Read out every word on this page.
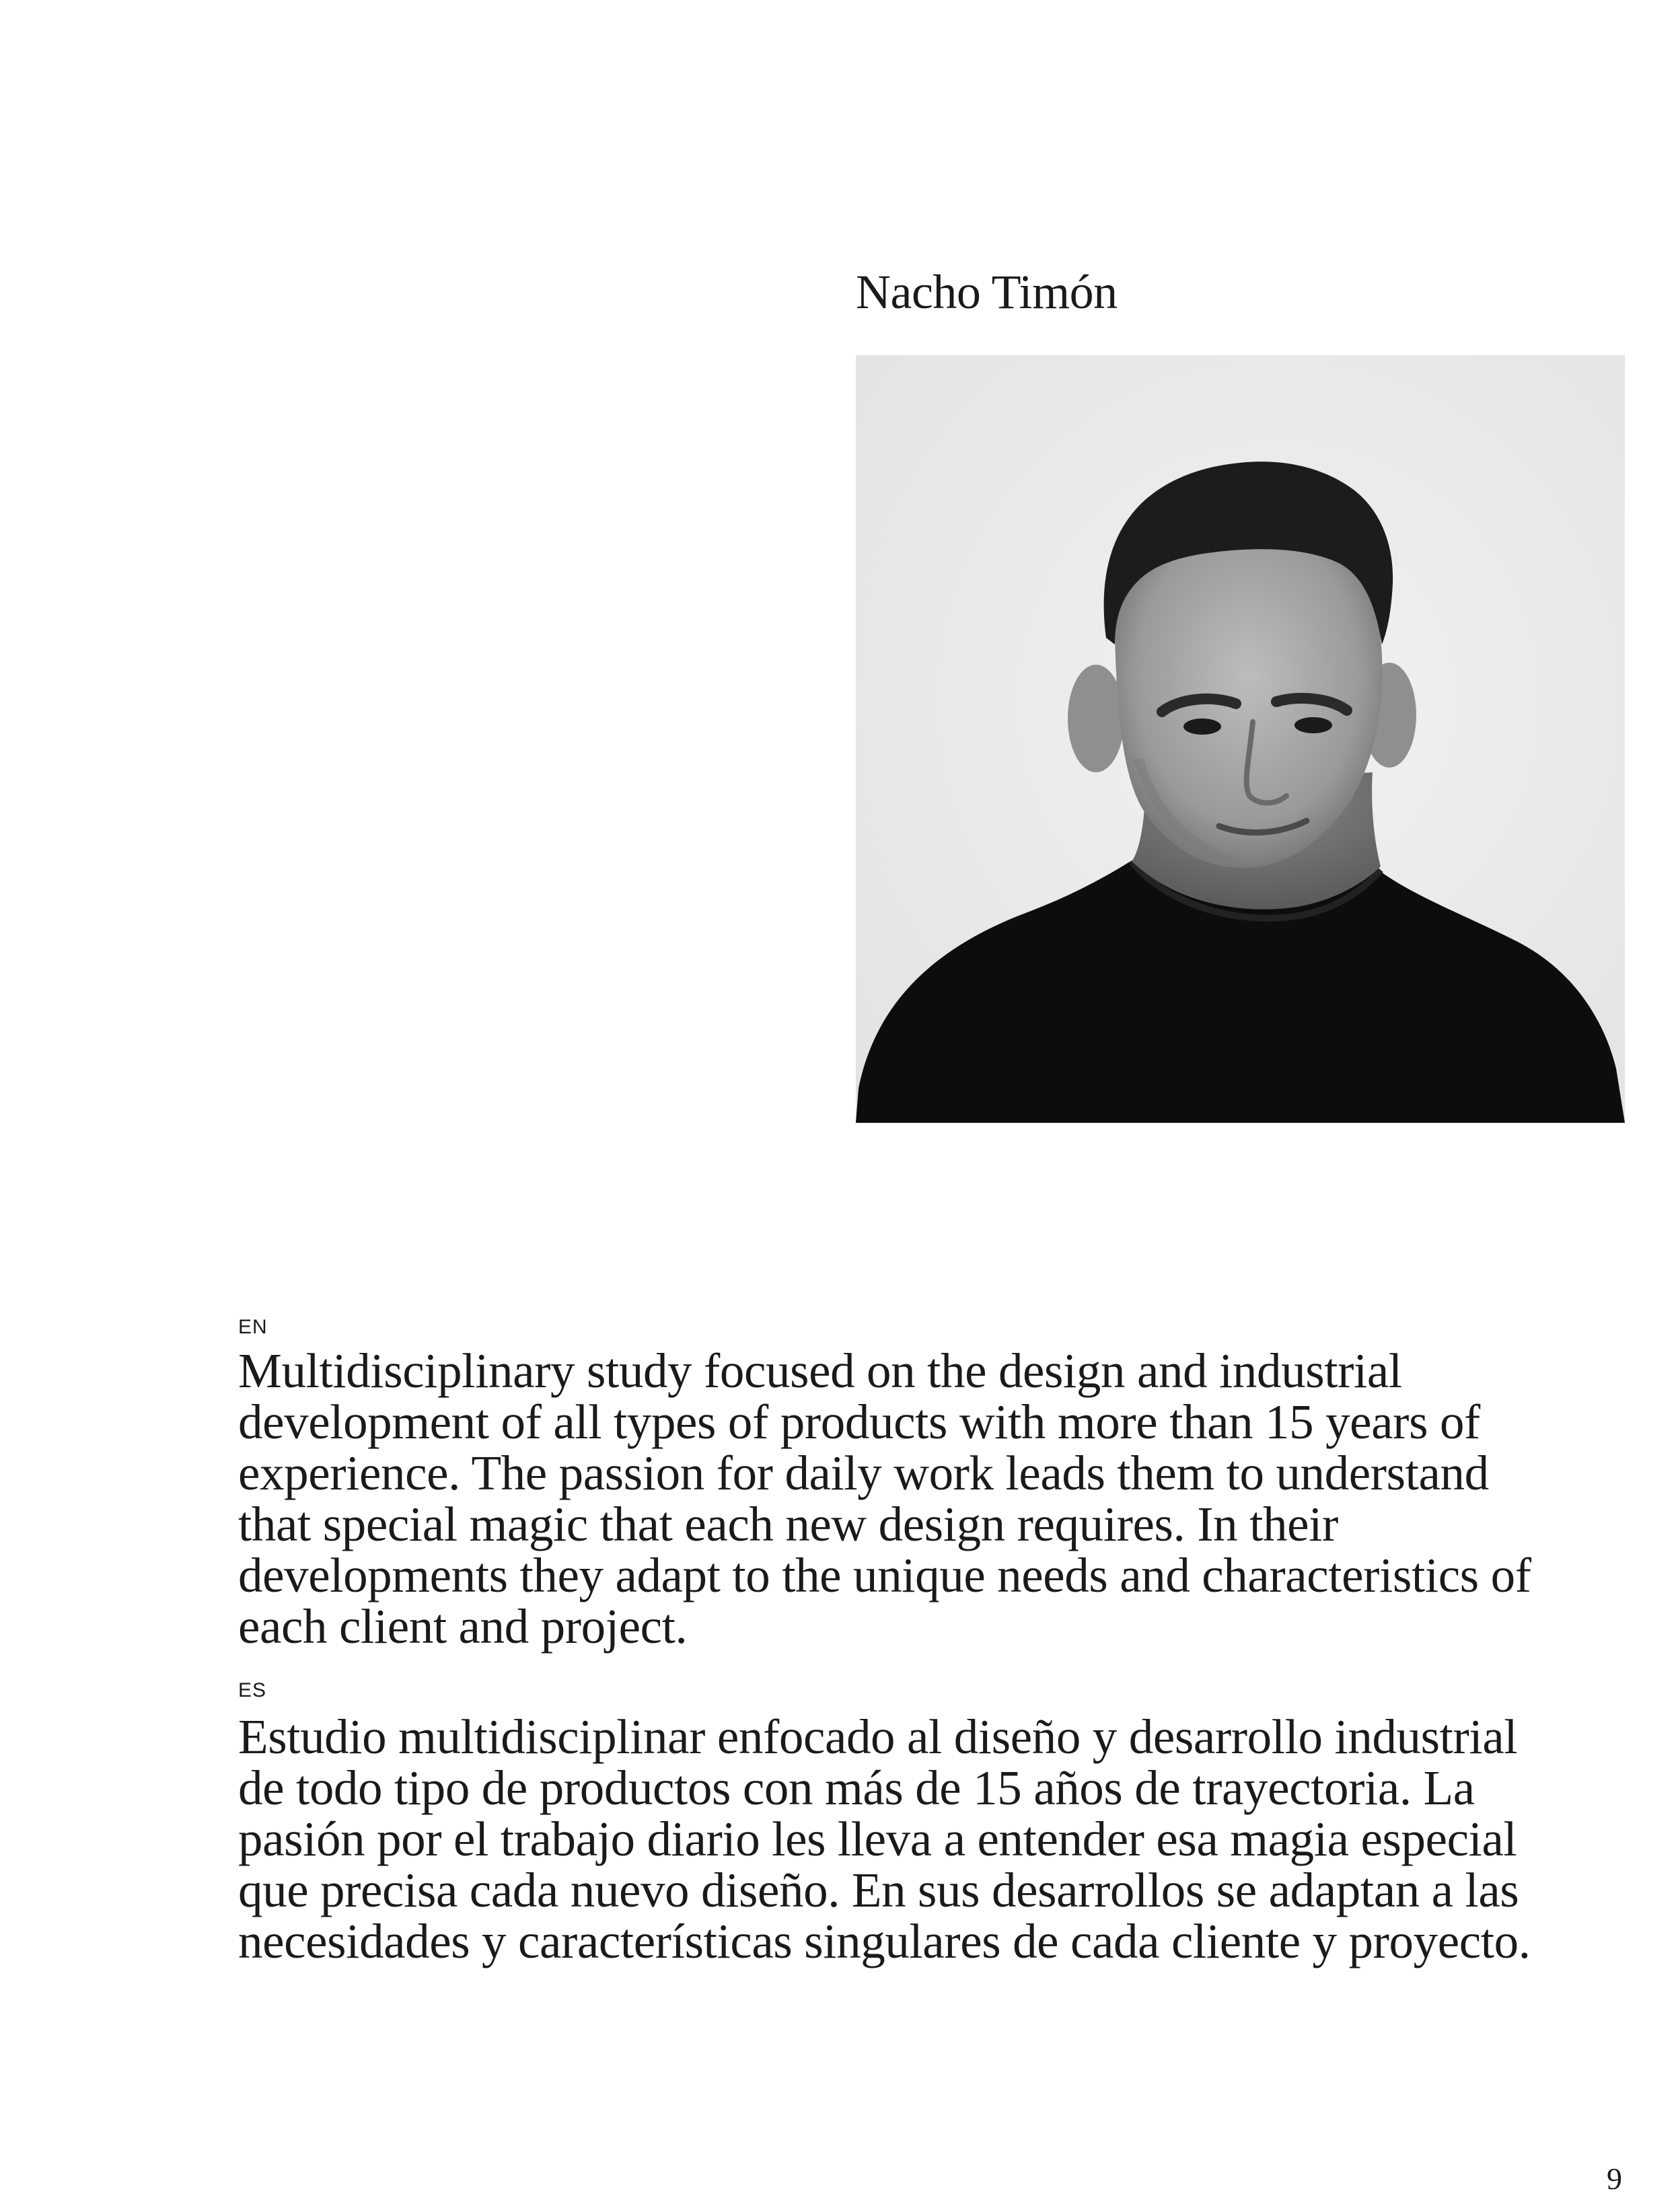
Nacho Timón
EN

Multidisciplinary study focused on the design and industrial
development of all types of products with more than 15 years of
experience. The passion for daily work leads them to understand
that special magic that each new design requires. In their
developments they adapt to the unique needs and characteristics of
each client and project.

ES

Estudio multidisciplinar enfocado al diseño y desarrollo industrial
de todo tipo de productos con más de 15 años de trayectoria. La
pasión por el trabajo diario les lleva a entender esa magia especial
que precisa cada nuevo diseño. En sus desarrollos se adaptan a las
necesidades y características singulares de cada cliente y proyecto.

9
